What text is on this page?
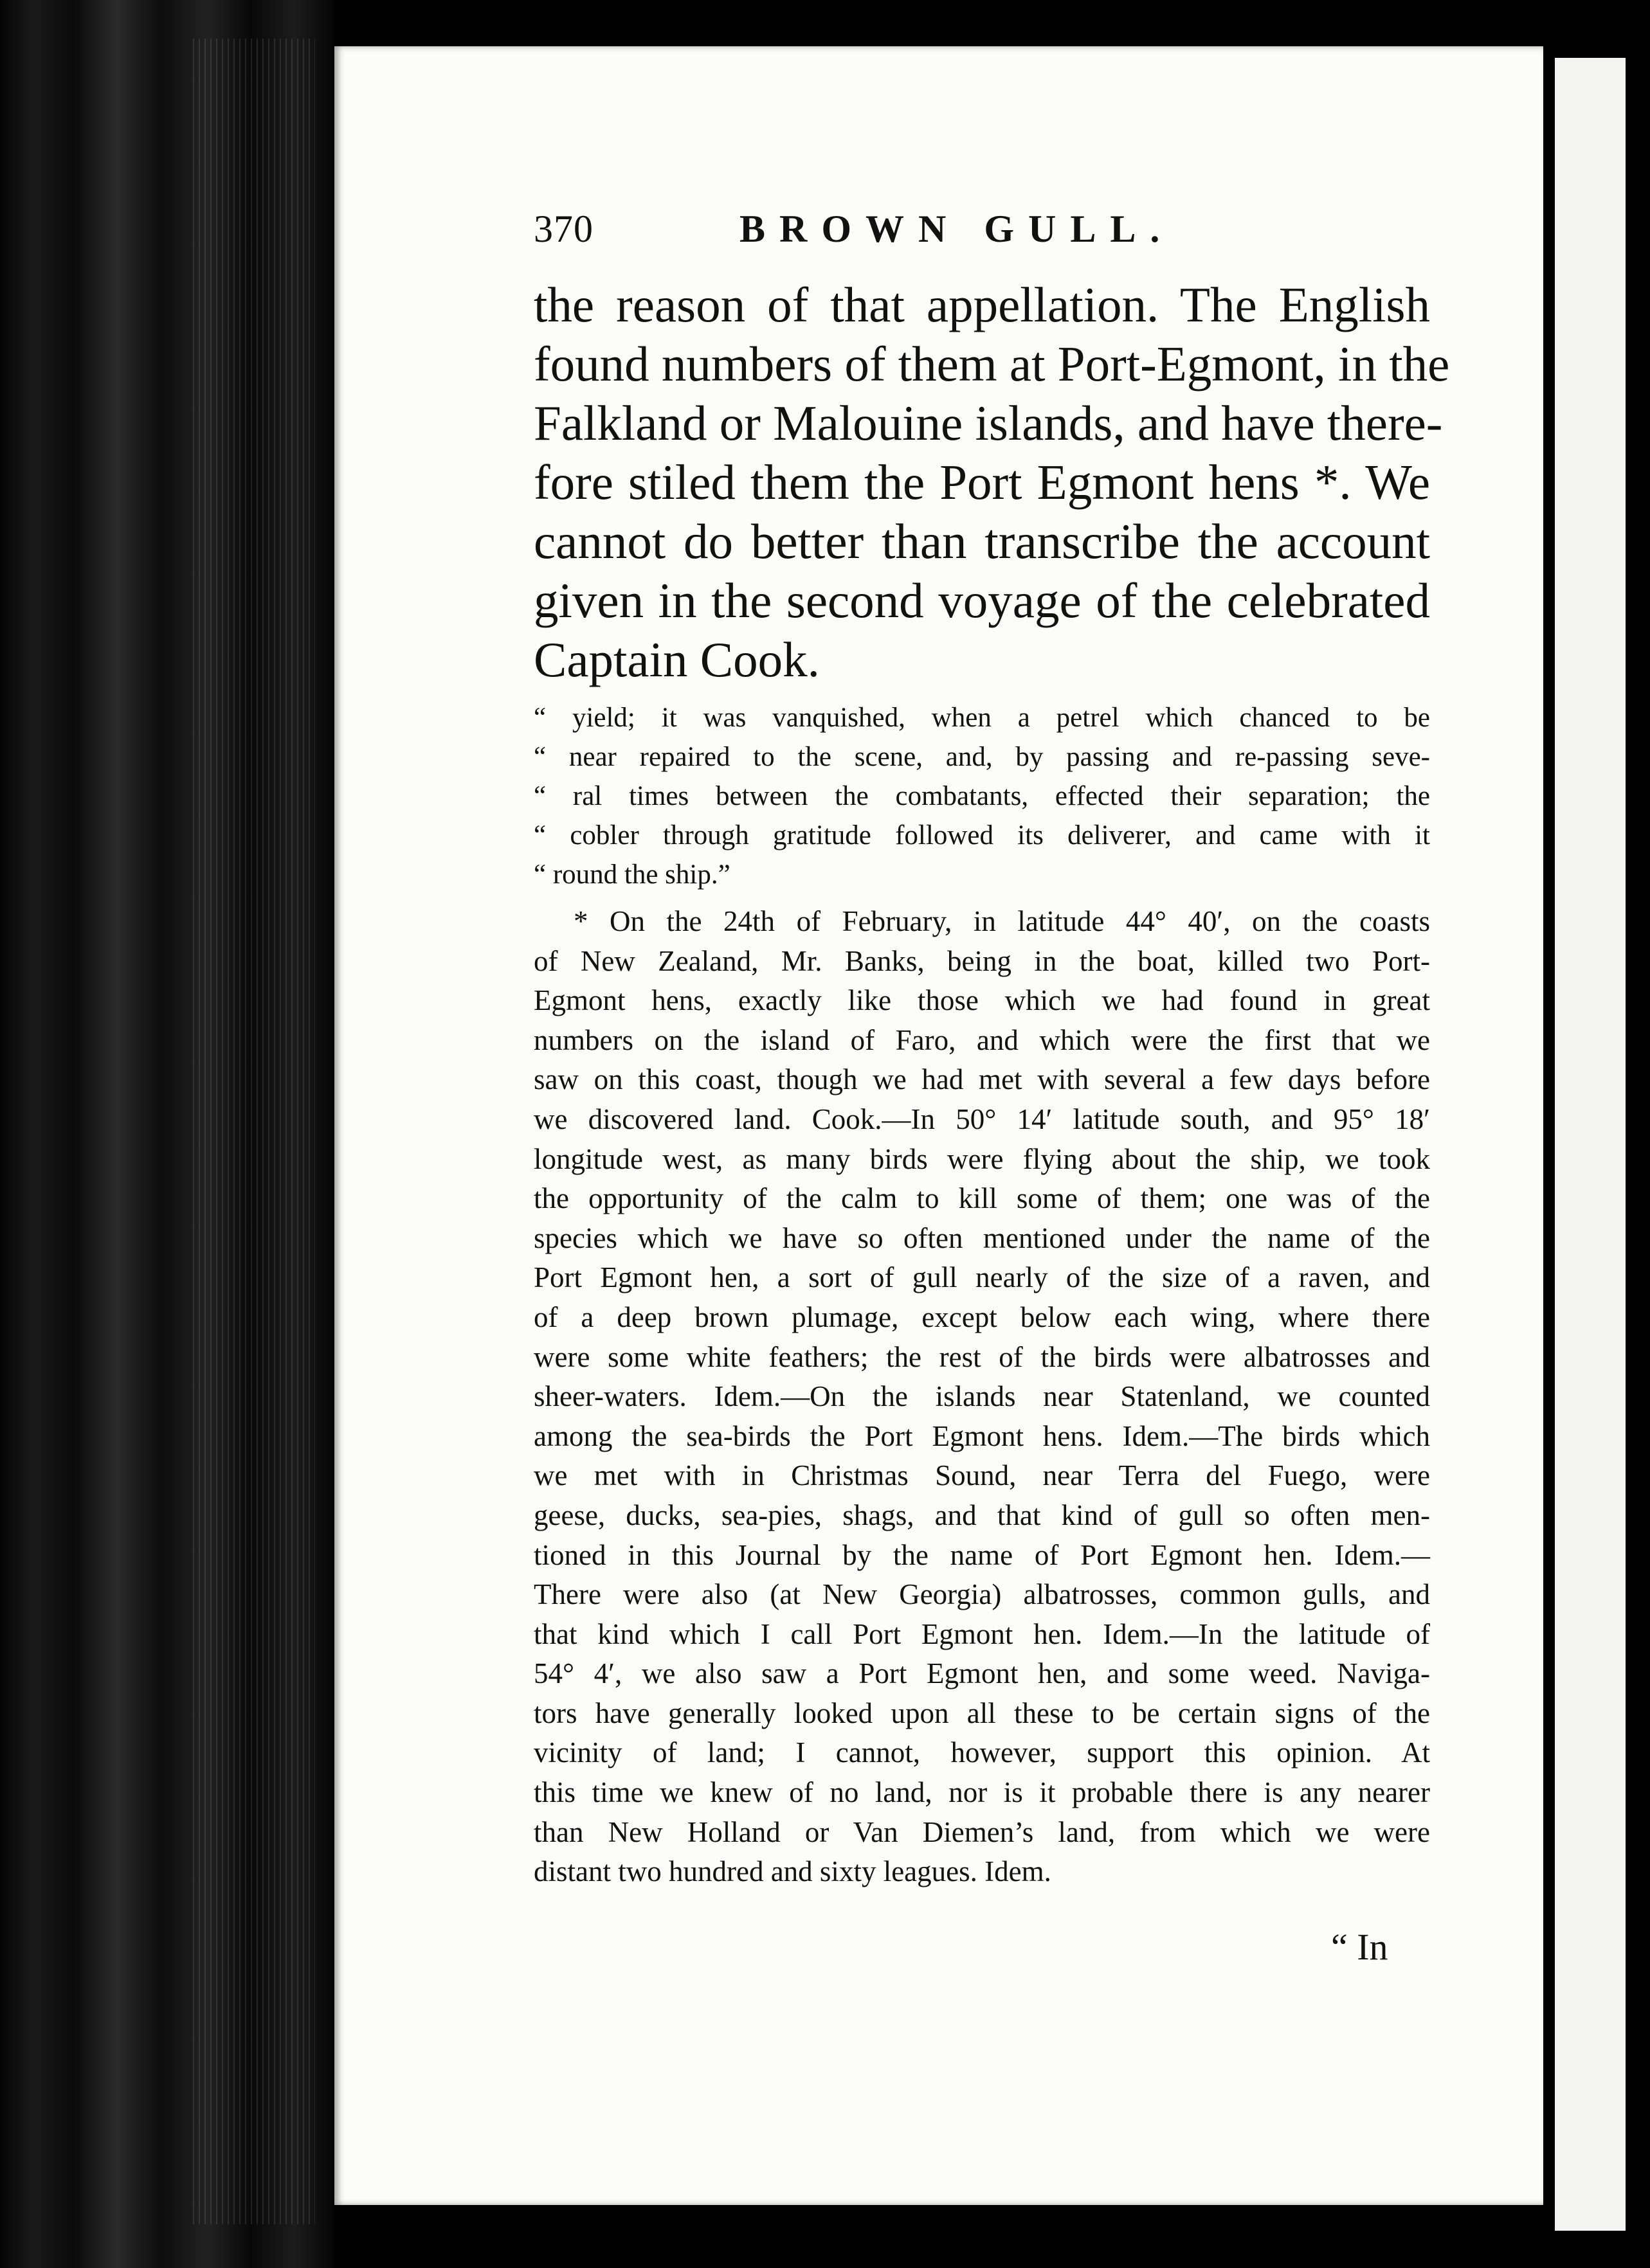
370	BROWN GULL.
the reason of that appellation. The English
found numbers of them at Port-Egmont, in the
Falkland or Malouine islands, and have there-
fore stiled them the Port Egmont hens *. We
cannot do better than transcribe the account
given in the second voyage of the celebrated
Captain Cook.
“ yield; it was vanquished, when a petrel which chanced to be
“ near repaired to the scene, and, by passing and re-passing seve-
“ ral times between the combatants, effected their separation; the
“ cobler through gratitude followed its deliverer, and came with it
“ round the ship.”
* On the 24th of February, in latitude 44° 40′, on the coasts
of New Zealand, Mr. Banks, being in the boat, killed two Port-
Egmont hens, exactly like those which we had found in great
numbers on the island of Faro, and which were the first that we
saw on this coast, though we had met with several a few days before
we discovered land. Cook.—In 50° 14′ latitude south, and 95° 18′
longitude west, as many birds were flying about the ship, we took
the opportunity of the calm to kill some of them; one was of the
species which we have so often mentioned under the name of the
Port Egmont hen, a sort of gull nearly of the size of a raven, and
of a deep brown plumage, except below each wing, where there
were some white feathers; the rest of the birds were albatrosses and
sheer-waters. Idem.—On the islands near Statenland, we counted
among the sea-birds the Port Egmont hens. Idem.—The birds which
we met with in Christmas Sound, near Terra del Fuego, were
geese, ducks, sea-pies, shags, and that kind of gull so often men-
tioned in this Journal by the name of Port Egmont hen. Idem.—
There were also (at New Georgia) albatrosses, common gulls, and
that kind which I call Port Egmont hen. Idem.—In the latitude of
54° 4′, we also saw a Port Egmont hen, and some weed. Naviga-
tors have generally looked upon all these to be certain signs of the
vicinity of land; I cannot, however, support this opinion. At
this time we knew of no land, nor is it probable there is any nearer
than New Holland or Van Diemen’s land, from which we were
distant two hundred and sixty leagues. Idem.
“ In
